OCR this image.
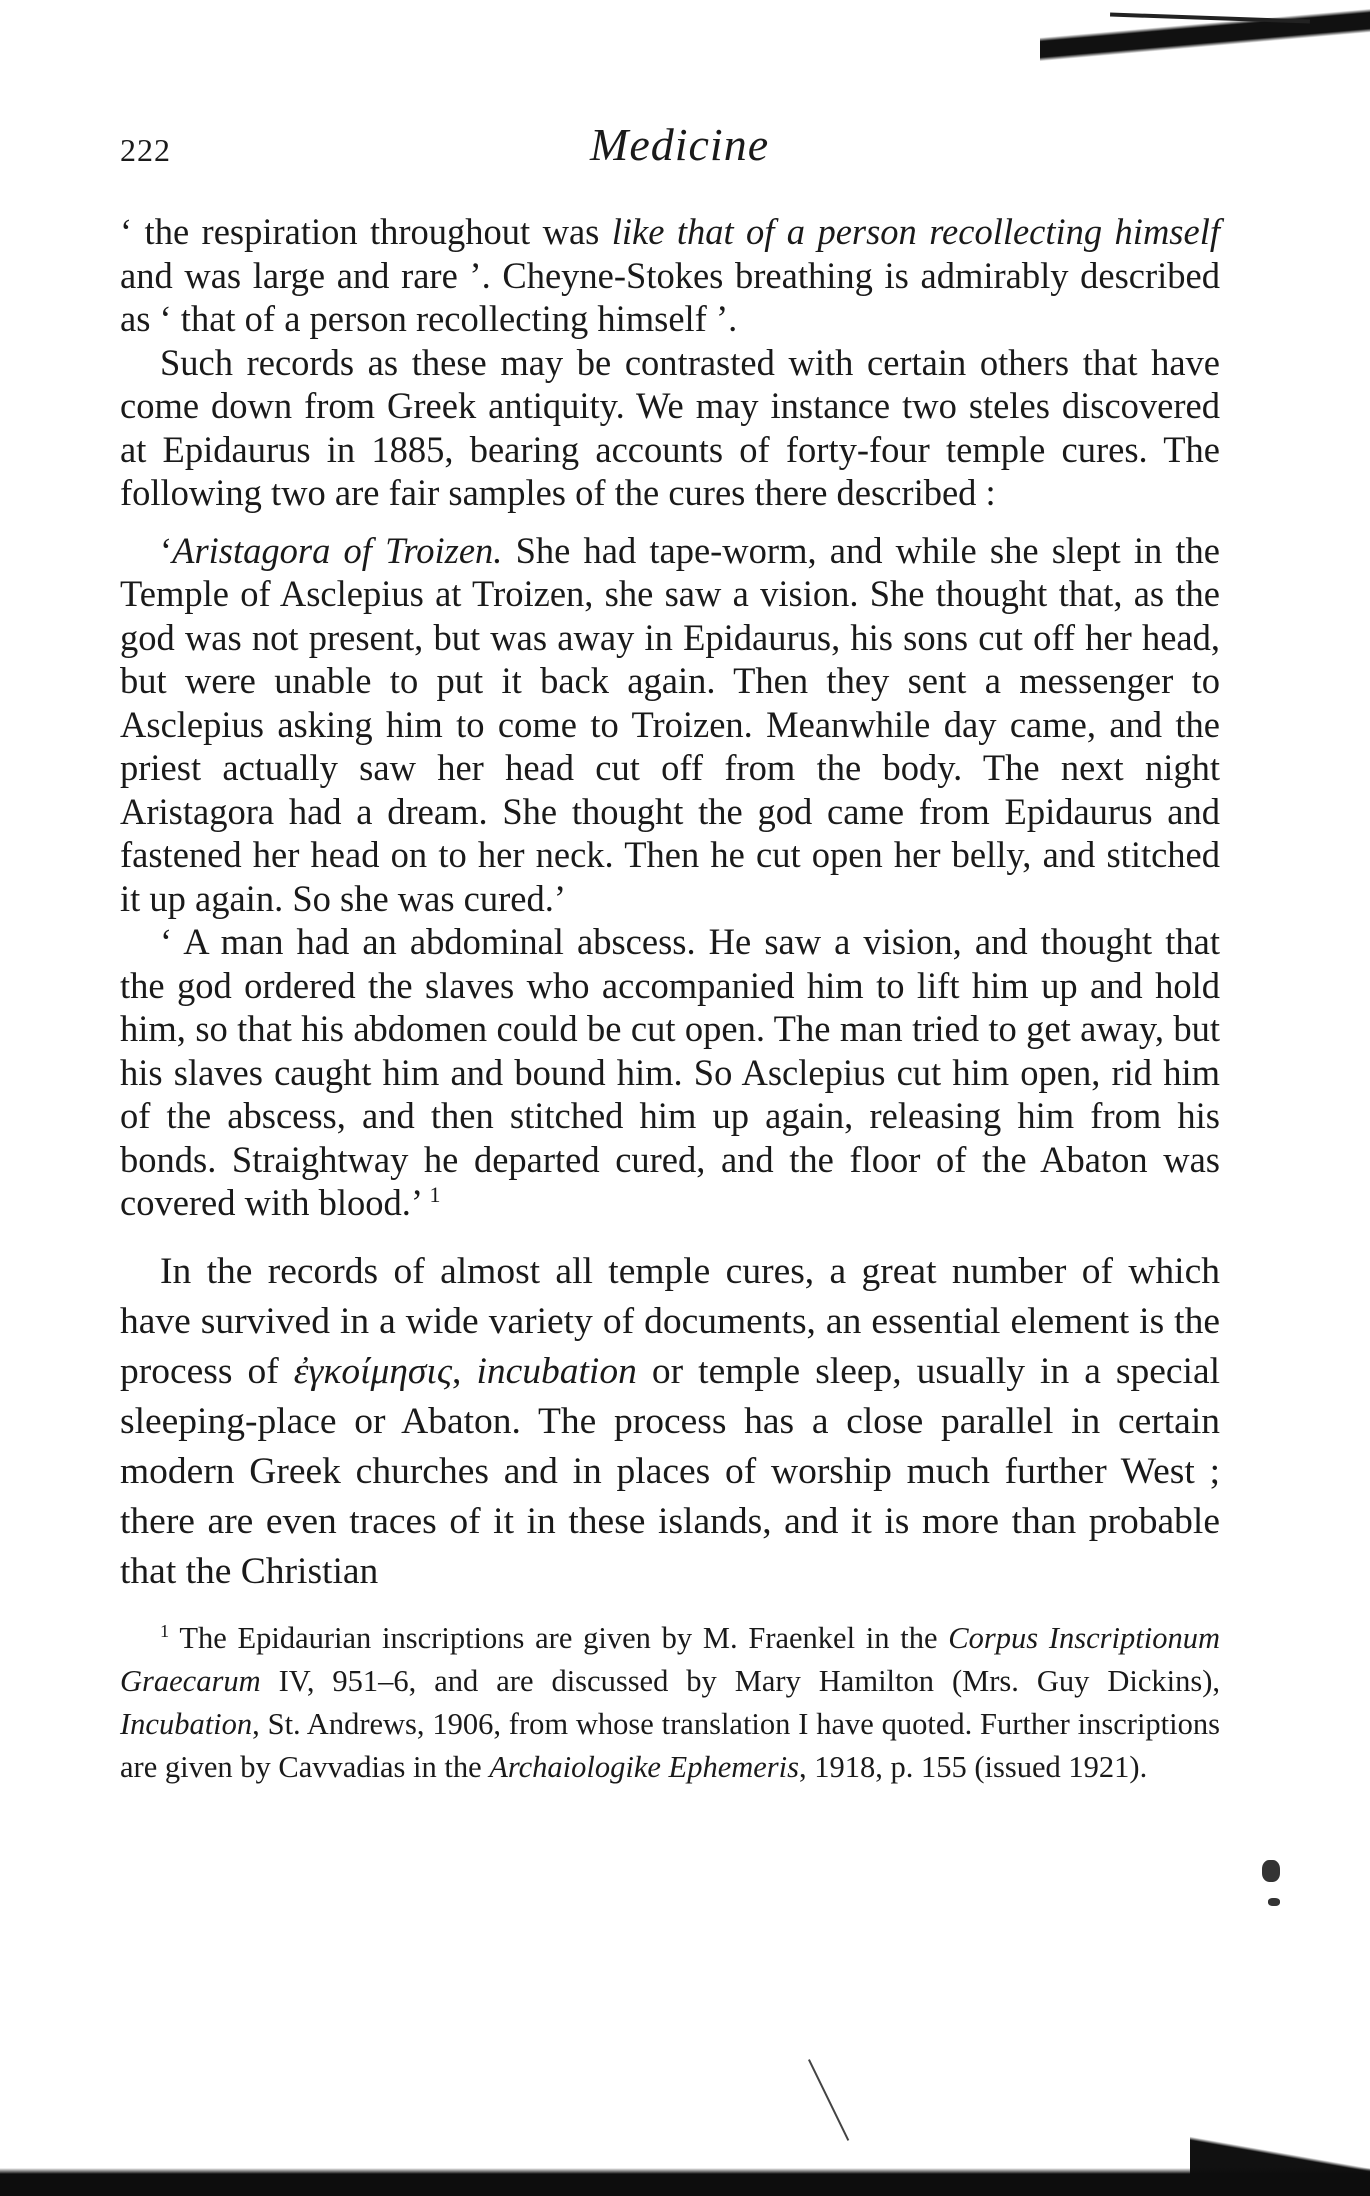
222	Medicine

‘ the respiration throughout was like that of a person recollecting himself and was large and rare ’. Cheyne-Stokes breathing is admirably described as ‘ that of a person recollecting himself ’.

Such records as these may be contrasted with certain others that have come down from Greek antiquity. We may instance two steles discovered at Epidaurus in 1885, bearing accounts of forty-four temple cures. The following two are fair samples of the cures there described :

‘Aristagora of Troizen. She had tape-worm, and while she slept in the Temple of Asclepius at Troizen, she saw a vision. She thought that, as the god was not present, but was away in Epidaurus, his sons cut off her head, but were unable to put it back again. Then they sent a messenger to Asclepius asking him to come to Troizen. Meanwhile day came, and the priest actually saw her head cut off from the body. The next night Aristagora had a dream. She thought the god came from Epidaurus and fastened her head on to her neck. Then he cut open her belly, and stitched it up again. So she was cured.’

‘ A man had an abdominal abscess. He saw a vision, and thought that the god ordered the slaves who accompanied him to lift him up and hold him, so that his abdomen could be cut open. The man tried to get away, but his slaves caught him and bound him. So Asclepius cut him open, rid him of the abscess, and then stitched him up again, releasing him from his bonds. Straightway he departed cured, and the floor of the Abaton was covered with blood.’ $^1$

In the records of almost all temple cures, a great number of which have survived in a wide variety of documents, an essential element is the process of ἐγκοίμησις, incubation or temple sleep, usually in a special sleeping-place or Abaton. The process has a close parallel in certain modern Greek churches and in places of worship much further West ; there are even traces of it in these islands, and it is more than probable that the Christian

$^1$ The Epidaurian inscriptions are given by M. Fraenkel in the Corpus Inscriptionum Graecarum IV, 951–6, and are discussed by Mary Hamilton (Mrs. Guy Dickins), Incubation, St. Andrews, 1906, from whose translation I have quoted. Further inscriptions are given by Cavvadias in the Archaiologike Ephemeris, 1918, p. 155 (issued 1921).
